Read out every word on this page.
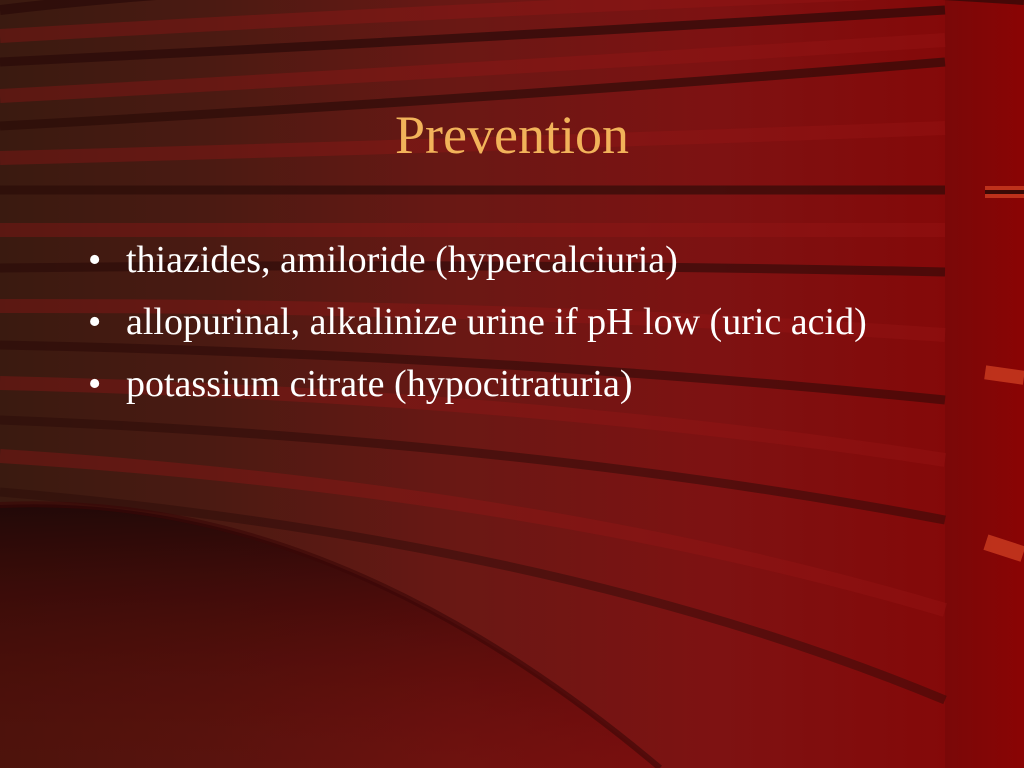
Prevention
• thiazides, amiloride (hypercalciuria)
• allopurinal, alkalinize urine if pH low (uric acid)
• potassium citrate (hypocitraturia)
